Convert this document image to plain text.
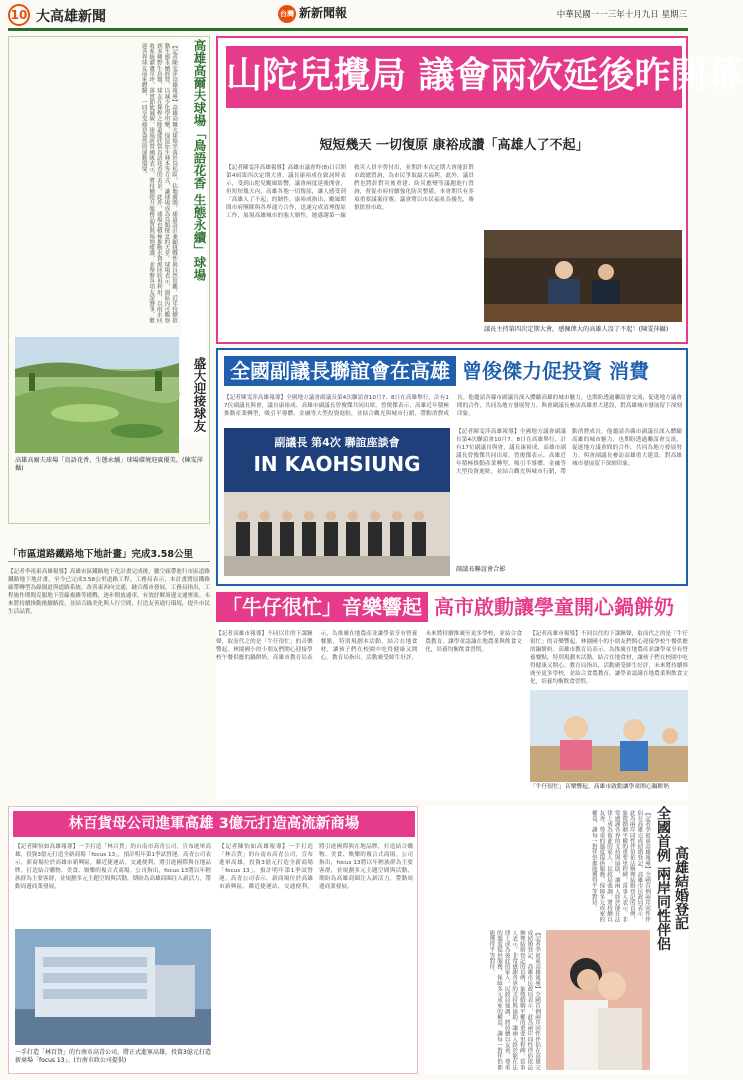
10 大高雄新聞	台灣 新新聞報	中華民國一一三年十月九日 星期三
高雄高爾夫球場「鳥語花香 生態永續」球場
盛大迎接球友
【記者陳雯萍高雄報導】高雄高爾夫球場坐落於鳥松區，佔地廣闊，球道設計兼顧挑戰性與自然景觀，近年持續推動生態永續經營，以減少化學用藥、保留原生林木等方式，讓球場成為鳥類棲息的天堂。球場表示，園區內可觀察到多種野生鳥類，球友在揮桿之餘還能欣賞鳥語花香的美景。此外，球場也積極推動水資源回收再利用，以雨水回收系統灌溉草坪，落實節能減碳。球場經營團隊表示，將持續提升服務品質與場地維護，並舉辦各項友誼賽事，歡迎各界球友前來體驗，一同享受綠意盎然的運動環境。
高雄高爾夫球場「鳥語花香、生態永續」球場環境迎賓優美。(陳雯萍攝)
「市區道路鐵路地下地計畫」完成3.58公里
【記者李祖東高雄報導】高雄市區鐵路地下化計畫完成後，騰空廊帶進行市區道路鐵路地下地計畫，至今已完成3.58公里道路工程。工務局表示，本計畫將原鐵路廊帶轉型為綠園道與道路系統，改善東西向交通，縫合都市發展。工務局指出，工程施作期間克服地下管線複雜等挑戰，逐步開放通車，有效紓解周邊交通壅塞。未來將持續推動後續路段，並結合綠美化與人行空間，打造友善通行環境，提升市民生活品質。
山陀兒攪局 議會兩次延後昨開幕
短短幾天 一切復原 康裕成讚「高雄人了不起」
【記者陳雯萍高雄報導】高雄市議會昨(8)日召開第4屆第四次定期大會，議長康裕成在致詞時表示，受到山陀兒颱風影響，議會兩度延後開會，但短短幾天內，高雄各地一切復原，讓人感受到「高雄人了不起」的韌性。康裕成指出，颱風期間市府團隊與各界通力合作，迅速完成清理復原工作，展現高雄城市的強大韌性。她感謝第一線救災人員辛勞付出，並期許本次定期大會能針對市政總質詢，為市民爭取最大福利。此外，議員們也將針對災後重建、防災應變等議題進行質詢，督促市府持續強化防災整備。本會期共有多項重要議案待審，議會將以市民福祉為優先，審慎監督市政。
議長主持第四次定期大會，感佩偉大的高雄人沒了不起！(陳雯萍攝)
全國副議長聯誼會在高雄 曾俊傑力促投資 消費
【記者陳雯萍高雄報導】全國地方議會副議長第4次聯誼會10月7、8日在高雄舉行，計有17位副議長與會，議長康裕成、高雄市副議長曾俊傑共同出席。曾俊傑表示，高雄近年積極推動產業轉型，吸引半導體、金融等大型投資進駐，並結合觀光與城市行銷，帶動消費成長。他邀請各縣市副議長深入體驗高雄的城市魅力，也期盼透過聯誼會交流，促進地方議會間的合作，共同為地方發展努力。與會副議長參訪高雄重大建設，對高雄城市發展留下深刻印象。
副議長 第4次 聯誼座談會
IN KAOHSIUNG
【記者陳雯萍高雄報導】全國地方議會副議長第4次聯誼會10月7、8日在高雄舉行，計有17位副議長與會，議長康裕成、高雄市副議長曾俊傑共同出席。曾俊傑表示，高雄近年積極推動產業轉型，吸引半導體、金融等大型投資進駐，並結合觀光與城市行銷，帶動消費成長。他邀請各縣市副議長深入體驗高雄的城市魅力，也期盼透過聯誼會交流，促進地方議會間的合作，共同為地方發展努力。與會副議長參訪高雄重大建設，對高雄城市發展留下深刻印象。
副議長聯誼會合影
「牛仔很忙」音樂響起 高市啟動讓學童開心鍋餅奶
【記者高雄市報導】不同以往的下課鐘聲，取而代之的是「牛仔很忙」的音樂響起，林園國小的小朋友們開心迎接學校午餐供應的鍋餅奶。高雄市教育局表示，為推廣在地農產並讓學童享有營養餐點，特別規劃本活動，結合在地食材，讓孩子們在校園中吃得健康又開心。教育局指出，活動廣受師生好評，未來將持續推廣至更多學校，並結合食農教育，讓學童認識在地農業與飲食文化，培養均衡飲食習慣。
【記者高雄市報導】不同以往的下課鐘聲，取而代之的是「牛仔很忙」的音樂響起，林園國小的小朋友們開心迎接學校午餐供應的鍋餅奶。高雄市教育局表示，為推廣在地農產並讓學童享有營養餐點，特別規劃本活動，結合在地食材，讓孩子們在校園中吃得健康又開心。教育局指出，活動廣受師生好評，未來將持續推廣至更多學校，並結合食農教育，讓學童認識在地農業與飲食文化，培養均衡飲食習慣。
「牛仔很忙」音樂響起，高雄市啟動讓學童開心鍋餅奶
林百貨母公司進軍高雄 3億元打造高流新商場
【記者陳怡如高雄報導】一手打造「林百貨」的台南市高青公司，宣布進軍高雄，投資3億元打造全新商場「focus 13」，預計明年第1季試營運。高青公司表示，新商場位於高雄市新興區，鄰近捷運站，交通便利，將引進國際與在地品牌，打造結合購物、美食、娛樂的複合式商場。公司指出，focus 13將以年輕族群為主要客群，並規劃多元主題空間與活動，期盼為高雄商圈注入新活力，帶動周邊商業發展。
【記者陳怡如高雄報導】一手打造「林百貨」的台南市高青公司，宣布進軍高雄，投資3億元打造全新商場「focus 13」，預計明年第1季試營運。高青公司表示，新商場位於高雄市新興區，鄰近捷運站，交通便利，將引進國際與在地品牌，打造結合購物、美食、娛樂的複合式商場。公司指出，focus 13將以年輕族群為主要客群，並規劃多元主題空間與活動，期盼為高雄商圈注入新活力，帶動周邊商業發展。
一手打造「林百貨」的台南市高青公司，將正式進軍高雄，投資3億元打造新商場「focus 13」。(台南市政公司提供)
全國首例 兩岸同性伴侶 高雄結婚登記
【記者李祖東高雄報導】全國首例兩岸同性伴侶在高雄完成結婚登記，高雄市民政局表示，此為兩岸同性伴侶依法辦理結婚登記的首例，象徵婚姻平權的重要里程碑。當事人表示，非常感謝各界的支持與協助，讓兩人終於能在法律上成為彼此的家人。民政局強調，將持續以友善、尊重的態度提供服務，保障多元成家的權益，讓每一對伴侶都能獲得平等對待。
【記者李祖東高雄報導】全國首例兩岸同性伴侶在高雄完成結婚登記，高雄市民政局表示，此為兩岸同性伴侶依法辦理結婚登記的首例，象徵婚姻平權的重要里程碑。當事人表示，非常感謝各界的支持與協助，讓兩人終於能在法律上成為彼此的家人。民政局強調，將持續以友善、尊重的態度提供服務，保障多元成家的權益，讓每一對伴侶都能獲得平等對待。
